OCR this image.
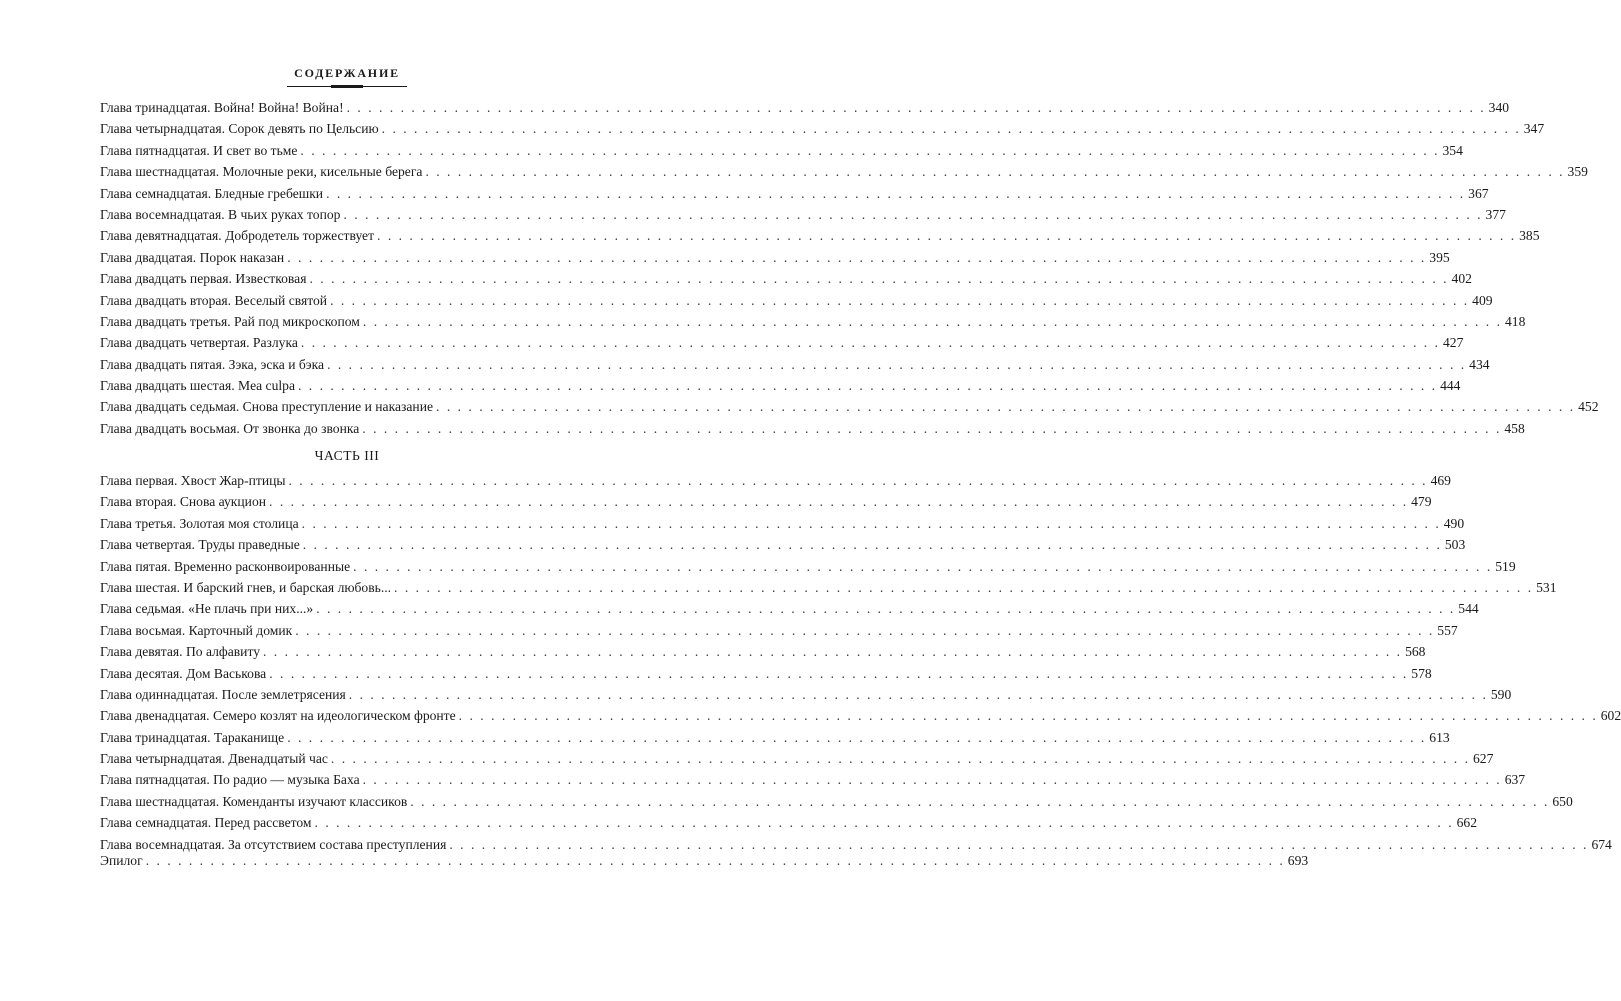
СОДЕРЖАНИЕ
Глава тринадцатая. Война! Война! Война! . . . . . . . . . . . . . . . . . . . . . . . . . . . . . . . . . . . . . . . . . . . . . . . . . . . . . . . . . . . . . . . . . . . . . . . . . . . . . . . . . . . . . . . . . . . . . . . . . . . . . . . . . . 340
Глава четырнадцатая. Сорок девять по Цельсию . . . . . . . . . . . . . . . . . . . . . . . . . . . . . . . . . . . . . . . . . . . . . . . . . . . . . . . . . . . . . . . . . . . . . . . . . . . . . . . . . . . . . . . . . . . . . . . . . . . . . . . . . . 347
Глава пятнадцатая. И свет во тьме . . . . . . . . . . . . . . . . . . . . . . . . . . . . . . . . . . . . . . . . . . . . . . . . . . . . . . . . . . . . . . . . . . . . . . . . . . . . . . . . . . . . . . . . . . . . . . . . . . . . . . . . . . 354
Глава шестнадцатая. Молочные реки, кисельные берега . . . . . . . . . . . . . . . . . . . . . . . . . . . . . . . . . . . . . . . . . . . . . . . . . . . . . . . . . . . . . . . . . . . . . . . . . . . . . . . . . . . . . . . . . . . . . . . . . . . . . . . . . . 359
Глава семнадцатая. Бледные гребешки . . . . . . . . . . . . . . . . . . . . . . . . . . . . . . . . . . . . . . . . . . . . . . . . . . . . . . . . . . . . . . . . . . . . . . . . . . . . . . . . . . . . . . . . . . . . . . . . . . . . . . . . . . 367
Глава восемнадцатая. В чьих руках топор . . . . . . . . . . . . . . . . . . . . . . . . . . . . . . . . . . . . . . . . . . . . . . . . . . . . . . . . . . . . . . . . . . . . . . . . . . . . . . . . . . . . . . . . . . . . . . . . . . . . . . . . . . 377
Глава девятнадцатая. Добродетель торжествует . . . . . . . . . . . . . . . . . . . . . . . . . . . . . . . . . . . . . . . . . . . . . . . . . . . . . . . . . . . . . . . . . . . . . . . . . . . . . . . . . . . . . . . . . . . . . . . . . . . . . . . . . . 385
Глава двадцатая. Порок наказан . . . . . . . . . . . . . . . . . . . . . . . . . . . . . . . . . . . . . . . . . . . . . . . . . . . . . . . . . . . . . . . . . . . . . . . . . . . . . . . . . . . . . . . . . . . . . . . . . . . . . . . . . . 395
Глава двадцать первая. Известковая . . . . . . . . . . . . . . . . . . . . . . . . . . . . . . . . . . . . . . . . . . . . . . . . . . . . . . . . . . . . . . . . . . . . . . . . . . . . . . . . . . . . . . . . . . . . . . . . . . . . . . . . . . 402
Глава двадцать вторая. Веселый святой . . . . . . . . . . . . . . . . . . . . . . . . . . . . . . . . . . . . . . . . . . . . . . . . . . . . . . . . . . . . . . . . . . . . . . . . . . . . . . . . . . . . . . . . . . . . . . . . . . . . . . . . . . 409
Глава двадцать третья. Рай под микроскопом . . . . . . . . . . . . . . . . . . . . . . . . . . . . . . . . . . . . . . . . . . . . . . . . . . . . . . . . . . . . . . . . . . . . . . . . . . . . . . . . . . . . . . . . . . . . . . . . . . . . . . . . . . 418
Глава двадцать четвертая. Разлука . . . . . . . . . . . . . . . . . . . . . . . . . . . . . . . . . . . . . . . . . . . . . . . . . . . . . . . . . . . . . . . . . . . . . . . . . . . . . . . . . . . . . . . . . . . . . . . . . . . . . . . . . . 427
Глава двадцать пятая. Зэка, эска и бэка . . . . . . . . . . . . . . . . . . . . . . . . . . . . . . . . . . . . . . . . . . . . . . . . . . . . . . . . . . . . . . . . . . . . . . . . . . . . . . . . . . . . . . . . . . . . . . . . . . . . . . . . . . 434
Глава двадцать шестая. Mea culpa . . . . . . . . . . . . . . . . . . . . . . . . . . . . . . . . . . . . . . . . . . . . . . . . . . . . . . . . . . . . . . . . . . . . . . . . . . . . . . . . . . . . . . . . . . . . . . . . . . . . . . . . . . 444
Глава двадцать седьмая. Снова преступление и наказание . . . . . . . . . . . . . . . . . . . . . . . . . . . . . . . . . . . . . . . . . . . . . . . . . . . . . . . . . . . . . . . . . . . . . . . . . . . . . . . . . . . . . . . . . . . . . . . . . . . . . . . . . . 452
Глава двадцать восьмая. От звонка до звонка . . . . . . . . . . . . . . . . . . . . . . . . . . . . . . . . . . . . . . . . . . . . . . . . . . . . . . . . . . . . . . . . . . . . . . . . . . . . . . . . . . . . . . . . . . . . . . . . . . . . . . . . . . 458
ЧАСТЬ III
Глава первая. Хвост Жар-птицы . . . . . . . . . . . . . . . . . . . . . . . . . . . . . . . . . . . . . . . . . . . . . . . . . . . . . . . . . . . . . . . . . . . . . . . . . . . . . . . . . . . . . . . . . . . . . . . . . . . . . . . . . . 469
Глава вторая. Снова аукцион . . . . . . . . . . . . . . . . . . . . . . . . . . . . . . . . . . . . . . . . . . . . . . . . . . . . . . . . . . . . . . . . . . . . . . . . . . . . . . . . . . . . . . . . . . . . . . . . . . . . . . . . . . 479
Глава третья. Золотая моя столица . . . . . . . . . . . . . . . . . . . . . . . . . . . . . . . . . . . . . . . . . . . . . . . . . . . . . . . . . . . . . . . . . . . . . . . . . . . . . . . . . . . . . . . . . . . . . . . . . . . . . . . . . . 490
Глава четвертая. Труды праведные . . . . . . . . . . . . . . . . . . . . . . . . . . . . . . . . . . . . . . . . . . . . . . . . . . . . . . . . . . . . . . . . . . . . . . . . . . . . . . . . . . . . . . . . . . . . . . . . . . . . . . . . . . 503
Глава пятая. Временно расконвоированные . . . . . . . . . . . . . . . . . . . . . . . . . . . . . . . . . . . . . . . . . . . . . . . . . . . . . . . . . . . . . . . . . . . . . . . . . . . . . . . . . . . . . . . . . . . . . . . . . . . . . . . . . . 519
Глава шестая. И барский гнев, и барская любовь... . . . . . . . . . . . . . . . . . . . . . . . . . . . . . . . . . . . . . . . . . . . . . . . . . . . . . . . . . . . . . . . . . . . . . . . . . . . . . . . . . . . . . . . . . . . . . . . . . . . . . . . . . . 531
Глава седьмая. «Не плачь при них...» . . . . . . . . . . . . . . . . . . . . . . . . . . . . . . . . . . . . . . . . . . . . . . . . . . . . . . . . . . . . . . . . . . . . . . . . . . . . . . . . . . . . . . . . . . . . . . . . . . . . . . . . . . 544
Глава восьмая. Карточный домик . . . . . . . . . . . . . . . . . . . . . . . . . . . . . . . . . . . . . . . . . . . . . . . . . . . . . . . . . . . . . . . . . . . . . . . . . . . . . . . . . . . . . . . . . . . . . . . . . . . . . . . . . . 557
Глава девятая. По алфавиту . . . . . . . . . . . . . . . . . . . . . . . . . . . . . . . . . . . . . . . . . . . . . . . . . . . . . . . . . . . . . . . . . . . . . . . . . . . . . . . . . . . . . . . . . . . . . . . . . . . . . . . . . . 568
Глава десятая. Дом Васькова . . . . . . . . . . . . . . . . . . . . . . . . . . . . . . . . . . . . . . . . . . . . . . . . . . . . . . . . . . . . . . . . . . . . . . . . . . . . . . . . . . . . . . . . . . . . . . . . . . . . . . . . . . 578
Глава одиннадцатая. После землетрясения . . . . . . . . . . . . . . . . . . . . . . . . . . . . . . . . . . . . . . . . . . . . . . . . . . . . . . . . . . . . . . . . . . . . . . . . . . . . . . . . . . . . . . . . . . . . . . . . . . . . . . . . . . 590
Глава двенадцатая. Семеро козлят на идеологическом фронте . . . . . . . . . . . . . . . . . . . . . . . . . . . . . . . . . . . . . . . . . . . . . . . . . . . . . . . . . . . . . . . . . . . . . . . . . . . . . . . . . . . . . . . . . . . . . . . . . . . . . . . . . . 602
Глава тринадцатая. Тараканище . . . . . . . . . . . . . . . . . . . . . . . . . . . . . . . . . . . . . . . . . . . . . . . . . . . . . . . . . . . . . . . . . . . . . . . . . . . . . . . . . . . . . . . . . . . . . . . . . . . . . . . . . . 613
Глава четырнадцатая. Двенадцатый час . . . . . . . . . . . . . . . . . . . . . . . . . . . . . . . . . . . . . . . . . . . . . . . . . . . . . . . . . . . . . . . . . . . . . . . . . . . . . . . . . . . . . . . . . . . . . . . . . . . . . . . . . . 627
Глава пятнадцатая. По радио — музыка Баха . . . . . . . . . . . . . . . . . . . . . . . . . . . . . . . . . . . . . . . . . . . . . . . . . . . . . . . . . . . . . . . . . . . . . . . . . . . . . . . . . . . . . . . . . . . . . . . . . . . . . . . . . . 637
Глава шестнадцатая. Коменданты изучают классиков . . . . . . . . . . . . . . . . . . . . . . . . . . . . . . . . . . . . . . . . . . . . . . . . . . . . . . . . . . . . . . . . . . . . . . . . . . . . . . . . . . . . . . . . . . . . . . . . . . . . . . . . . . 650
Глава семнадцатая. Перед рассветом . . . . . . . . . . . . . . . . . . . . . . . . . . . . . . . . . . . . . . . . . . . . . . . . . . . . . . . . . . . . . . . . . . . . . . . . . . . . . . . . . . . . . . . . . . . . . . . . . . . . . . . . . . 662
Глава восемнадцатая. За отсутствием состава преступления . . . . . . . . . . . . . . . . . . . . . . . . . . . . . . . . . . . . . . . . . . . . . . . . . . . . . . . . . . . . . . . . . . . . . . . . . . . . . . . . . . . . . . . . . . . . . . . . . . . . . . . . . . 674
Эпилог . . . . . . . . . . . . . . . . . . . . . . . . . . . . . . . . . . . . . . . . . . . . . . . . . . . . . . . . . . . . . . . . . . . . . . . . . . . . . . . . . . . . . . . . . . . . . . . . . . . . . . . . . . 693
